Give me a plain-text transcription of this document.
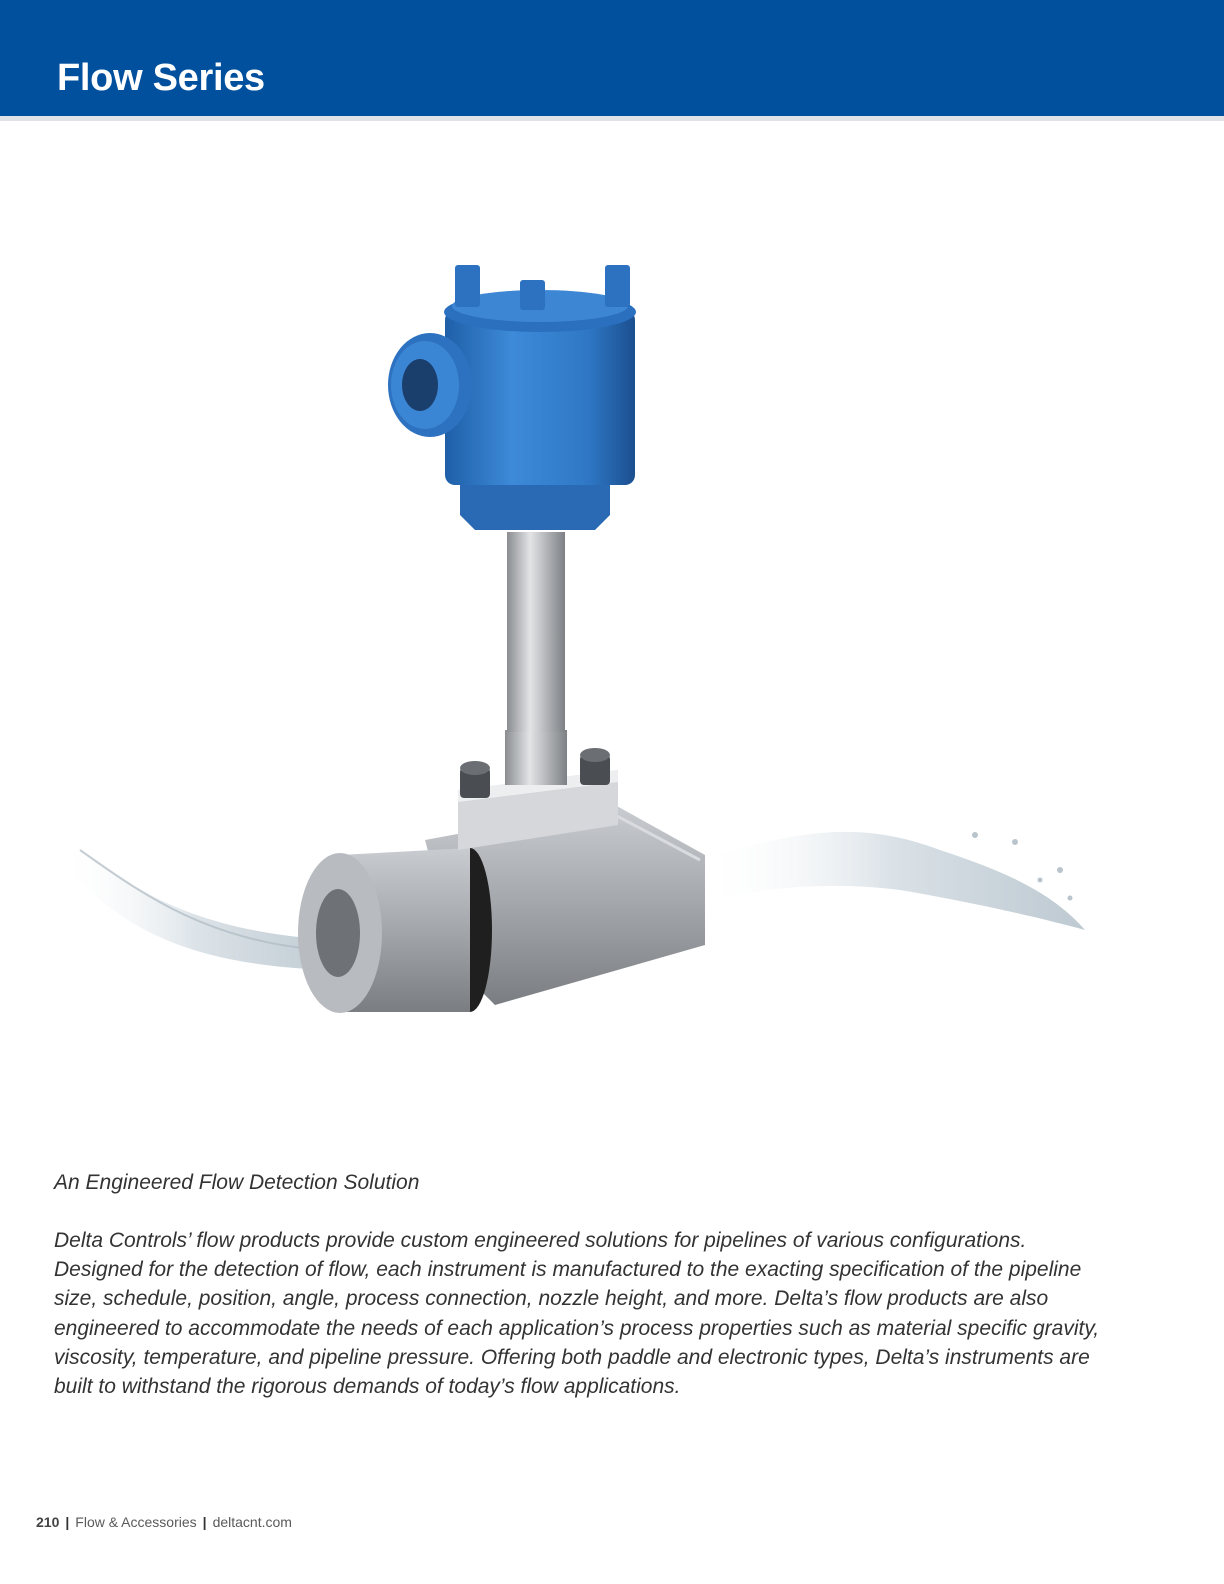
Flow Series

An Engineered Flow Detection Solution

Delta Controls’ flow products provide custom engineered solutions for pipelines of various configurations. Designed for the detection of flow, each instrument is manufactured to the exacting specification of the pipeline size, schedule, position, angle, process connection, nozzle height, and more. Delta’s flow products are also engineered to accommodate the needs of each application’s process properties such as material specific gravity, viscosity, temperature, and pipeline pressure. Offering both paddle and electronic types, Delta’s instruments are built to withstand the rigorous demands of today’s flow applications.

210 | Flow & Accessories | deltacnt.com
